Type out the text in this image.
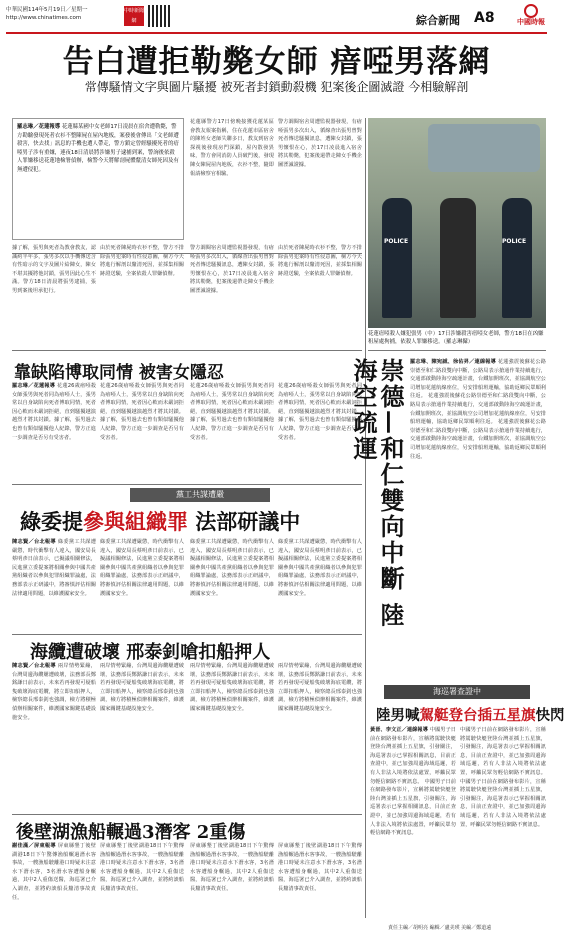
中華民國114年5月19日／星期一
http://www.chinatimes.com
中時新聞網	綜合新聞 A8	中國時報
告白遭拒勒斃女師 瘖啞男落網
常傳騷情文字與圖片騷擾 被死者封鎖動殺機 犯案後企圖滅證 今相驗解剖
羅志琳／花蓮報導 花蓮縣某國中女老師17日凌晨在宿舍遭勒斃，警方勘驗發現死者衣衫不整陳屍在屋內地板，案發後會傳出「文老師遭殺害，快去找」訊息的手機也遭人帶走，警方鎖定曾經騷擾死者的瘖啞男子涉有重嫌，連夜18日清晨將涉嫌男子逮捕到案，警詢後依殺人罪嫌移送花蓮地檢署偵辦，檢警今天將解剖屍體釐清女師死因及有無遭侵犯。
花蓮縣警方17日傍晚接獲花蓮某區會教友報案指稱，住在花蓮市區宿舍的陳姓女老師失聯多日，教友到宿舍探視後發現房門深鎖，屋內散發異味，警方會同消防人員破門後，發現陳女陳屍屋內地板，衣衫不整，隨即報請檢察官相驗。
警方調閱宿舍周遭監視器發現，有瘖啞張男多次出入，循線查出張男曾對死者傳送騷擾訊息，遭陳女封鎖，張男懷恨在心，於17日凌晨進入宿舍將其勒斃，犯案後還帶走陳女手機企圖湮滅證據。
據了解，張男與死者為教會教友，認識約半年多，張男多次以手機傳送含有性暗示的文字及圖片給陳女，陳女不堪其擾將他封鎖，張男因此心生不滿。警方18日清晨將張男逮捕，張男到案後坦承犯行。
由於死者陳屍時衣衫不整，警方不排除張男犯案時有性侵意圖，檢方今天將進行解剖以釐清死因，並採集相關跡證送驗，全案依殺人罪嫌偵辦。
警方調閱宿舍周遭監視器發現，有瘖啞張男多次出入，循線查出張男曾對死者傳送騷擾訊息，遭陳女封鎖，張男懷恨在心，於17日凌晨進入宿舍將其勒斃，犯案後還帶走陳女手機企圖湮滅證據。
由於死者陳屍時衣衫不整，警方不排除張男犯案時有性侵意圖，檢方今天將進行解剖以釐清死因，並採集相關跡證送驗，全案依殺人罪嫌偵辦。
POLICE	POLICE
花蓮瘖啞殺人嫌犯張男（中）17日涉嫌殺害瘖啞女老師，警方18日在凶嫌租屋處拘捕，依殺人罪嫌移送。（羅志琳攝）
靠缺陷博取同情 被害女隱忍
羅志琳／花蓮報導 花蓮26歲瘖啞殺女師張男與死者同為瘖啞人士，張男常以自身缺陷向死者博取同情，死者因心軟而未嚴詞拒絕，直到騷擾越演越烈才將其封鎖。據了解，張男過去也曾有類似騷擾他人紀錄，警方正進一步調查是否另有受害者。
花蓮26歲瘖啞殺女師張男與死者同為瘖啞人士，張男常以自身缺陷向死者博取同情，死者因心軟而未嚴詞拒絕，直到騷擾越演越烈才將其封鎖。據了解，張男過去也曾有類似騷擾他人紀錄，警方正進一步調查是否另有受害者。
花蓮26歲瘖啞殺女師張男與死者同為瘖啞人士，張男常以自身缺陷向死者博取同情，死者因心軟而未嚴詞拒絕，直到騷擾越演越烈才將其封鎖。據了解，張男過去也曾有類似騷擾他人紀錄，警方正進一步調查是否另有受害者。
花蓮26歲瘖啞殺女師張男與死者同為瘖啞人士，張男常以自身缺陷向死者博取同情，死者因心軟而未嚴詞拒絕，直到騷擾越演越烈才將其封鎖。據了解，張男過去也曾有類似騷擾他人紀錄，警方正進一步調查是否另有受害者。
黨工共謀遭嚴
綠委提參與組織罪 法部研議中
陳志賢／台北報導 綠委黨工共謀遭嚴懲，時代衝擊有人違入，國安局長蔡明彥日前表示，已擬議相關修法，民進黨立委提案將相關參與中國共產黨組織者以參與犯罪組織罪論處，法務部表示正研議中，將審慎評估相關法律適用問題，以維護國家安全。
綠委黨工共謀遭嚴懲，時代衝擊有人違入，國安局長蔡明彥日前表示，已擬議相關修法，民進黨立委提案將相關參與中國共產黨組織者以參與犯罪組織罪論處，法務部表示正研議中，將審慎評估相關法律適用問題，以維護國家安全。
綠委黨工共謀遭嚴懲，時代衝擊有人違入，國安局長蔡明彥日前表示，已擬議相關修法，民進黨立委提案將相關參與中國共產黨組織者以參與犯罪組織罪論處，法務部表示正研議中，將審慎評估相關法律適用問題，以維護國家安全。
綠委黨工共謀遭嚴懲，時代衝擊有人違入，國安局長蔡明彥日前表示，已擬議相關修法，民進黨立委提案將相關參與中國共產黨組織者以參與犯罪組織罪論處，法務部表示正研議中，將審慎評估相關法律適用問題，以維護國家安全。
海纜遭破壞 邢泰釗嗆扣船押人
陳志賢／台北報導 兩岸情勢緊繃，台灣周邊海纜屢遭破壞，法務部長鄭銘謙日前表示，未來若再發現可疑船隻破壞海底電纜，將立即扣船押人，檢察總長邢泰釗也強調，檢方將積極偵辦相關案件，維護國家關鍵基礎設施安全。
兩岸情勢緊繃，台灣周邊海纜屢遭破壞，法務部長鄭銘謙日前表示，未來若再發現可疑船隻破壞海底電纜，將立即扣船押人，檢察總長邢泰釗也強調，檢方將積極偵辦相關案件，維護國家關鍵基礎設施安全。
兩岸情勢緊繃，台灣周邊海纜屢遭破壞，法務部長鄭銘謙日前表示，未來若再發現可疑船隻破壞海底電纜，將立即扣船押人，檢察總長邢泰釗也強調，檢方將積極偵辦相關案件，維護國家關鍵基礎設施安全。
兩岸情勢緊繃，台灣周邊海纜屢遭破壞，法務部長鄭銘謙日前表示，未來若再發現可疑船隻破壞海底電纜，將立即扣船押人，檢察總長邢泰釗也強調，檢方將積極偵辦相關案件，維護國家關鍵基礎設施安全。
後壁湖漁船輾過3潛客 2重傷
謝佳滿／屏東報導 屏東縣墾丁後壁湖港18日下午驚傳漁船輾過潛水客事故，一艘漁船駛離港口時疑未注意水下潛水客，3名潛水客遭船身輾過，其中2人重傷送醫，海巡署已介入調查，並將約談船長釐清事故責任。
屏東縣墾丁後壁湖港18日下午驚傳漁船輾過潛水客事故，一艘漁船駛離港口時疑未注意水下潛水客，3名潛水客遭船身輾過，其中2人重傷送醫，海巡署已介入調查，並將約談船長釐清事故責任。
屏東縣墾丁後壁湖港18日下午驚傳漁船輾過潛水客事故，一艘漁船駛離港口時疑未注意水下潛水客，3名潛水客遭船身輾過，其中2人重傷送醫，海巡署已介入調查，並將約談船長釐清事故責任。
屏東縣墾丁後壁湖港18日下午驚傳漁船輾過潛水客事故，一艘漁船駛離港口時疑未注意水下潛水客，3名潛水客遭船身輾過，其中2人重傷送醫，海巡署已介入調查，並將約談船長釐清事故責任。
崇德—和仁雙向中斷 陸海空疏運	羅志琳、陳宛誠、徐佑昇／連線報導 花蓮強震後蘇花公路崇德至和仁路段雙向中斷，公路局表示搶通作業持續進行，交通部啟動陸海空疏運計畫，台鐵加開班次，並協調航空公司增加花蓮航線座位，另安排船班運輸，協助返鄉民眾順利往返。 花蓮強震後蘇花公路崇德至和仁路段雙向中斷，公路局表示搶通作業持續進行，交通部啟動陸海空疏運計畫，台鐵加開班次，並協調航空公司增加花蓮航線座位，另安排船班運輸，協助返鄉民眾順利往返。 花蓮強震後蘇花公路崇德至和仁路段雙向中斷，公路局表示搶通作業持續進行，交通部啟動陸海空疏運計畫，台鐵加開班次，並協調航空公司增加花蓮航線座位，另安排船班運輸，協助返鄉民眾順利往返。
海巡署查證中
陸男喊駕艇登台插五星旗快閃
黃晉、李文正／連線報導 中國男子日前在網路發布影片，宣稱將駕駛快艇登陸台灣並插上五星旗，引發關注，海巡署表示已掌握相關訊息，目前正查證中，並已加強周邊海域巡邏，若有人非法入境將依法處置，呼籲民眾勿輕信網路不實訊息。 中國男子日前在網路發布影片，宣稱將駕駛快艇登陸台灣並插上五星旗，引發關注，海巡署表示已掌握相關訊息，目前正查證中，並已加強周邊海域巡邏，若有人非法入境將依法處置，呼籲民眾勿輕信網路不實訊息。
中國男子日前在網路發布影片，宣稱將駕駛快艇登陸台灣並插上五星旗，引發關注，海巡署表示已掌握相關訊息，目前正查證中，並已加強周邊海域巡邏，若有人非法入境將依法處置，呼籲民眾勿輕信網路不實訊息。 中國男子日前在網路發布影片，宣稱將駕駛快艇登陸台灣並插上五星旗，引發關注，海巡署表示已掌握相關訊息，目前正查證中，並已加強周邊海域巡邏，若有人非法入境將依法處置，呼籲民眾勿輕信網路不實訊息。
責任主編／胡明亮 編輯／盧美瑛 美編／鄭道遠
